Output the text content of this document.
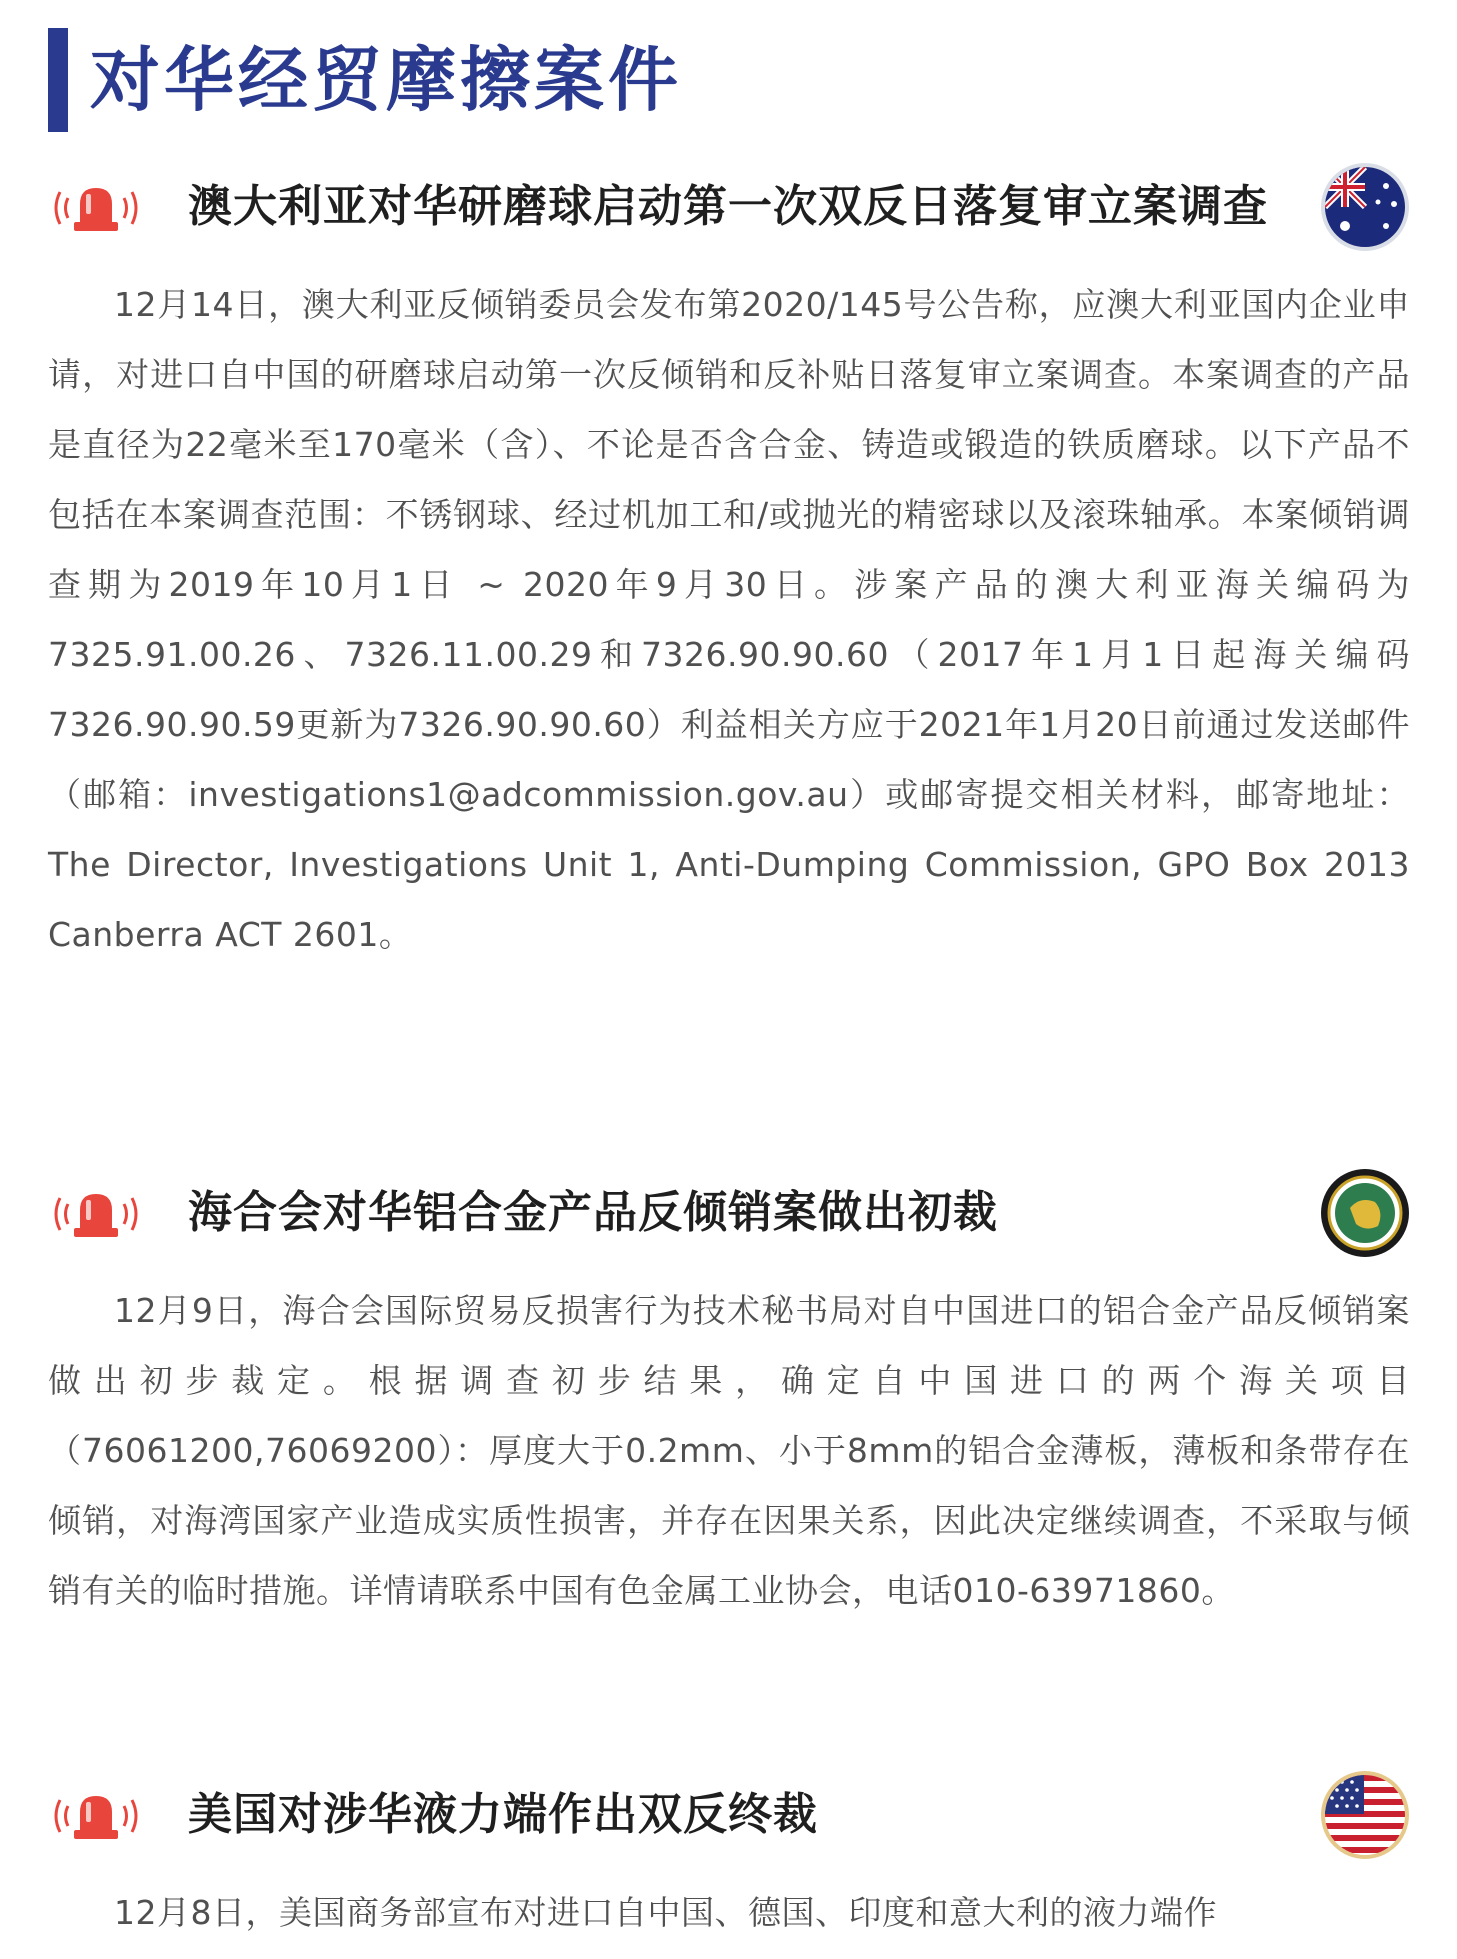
对华经贸摩擦案件
澳大利亚对华研磨球启动第一次双反日落复审立案调查

12月14日，澳大利亚反倾销委员会发布第2020/145号公告称，应澳大利亚国内企业申请，对进口自中国的研磨球启动第一次反倾销和反补贴日落复审立案调查。本案调查的产品是直径为22毫米至170毫米（含）、不论是否含合金、铸造或锻造的铁质磨球。以下产品不包括在本案调查范围：不锈钢球、经过机加工和/或抛光的精密球以及滚珠轴承。本案倾销调查期为2019年10月1日 ~ 2020年9月30日。涉案产品的澳大利亚海关编码为7325.91.00.26、7326.11.00.29和7326.90.90.60（2017年1月1日起海关编码7326.90.90.59更新为7326.90.90.60）利益相关方应于2021年1月20日前通过发送邮件（邮箱：investigations1@adcommission.gov.au）或邮寄提交相关材料，邮寄地址：The Director, Investigations Unit 1, Anti-Dumping Commission, GPO Box 2013 Canberra ACT 2601。

海合会对华铝合金产品反倾销案做出初裁

12月9日，海合会国际贸易反损害行为技术秘书局对自中国进口的铝合金产品反倾销案做出初步裁定。根据调查初步结果，确定自中国进口的两个海关项目（76061200,76069200）：厚度大于0.2mm、小于8mm的铝合金薄板，薄板和条带存在倾销，对海湾国家产业造成实质性损害，并存在因果关系，因此决定继续调查，不采取与倾销有关的临时措施。详情请联系中国有色金属工业协会，电话010-63971860。

美国对涉华液力端作出双反终裁

12月8日，美国商务部宣布对进口自中国、德国、印度和意大利的液力端作
